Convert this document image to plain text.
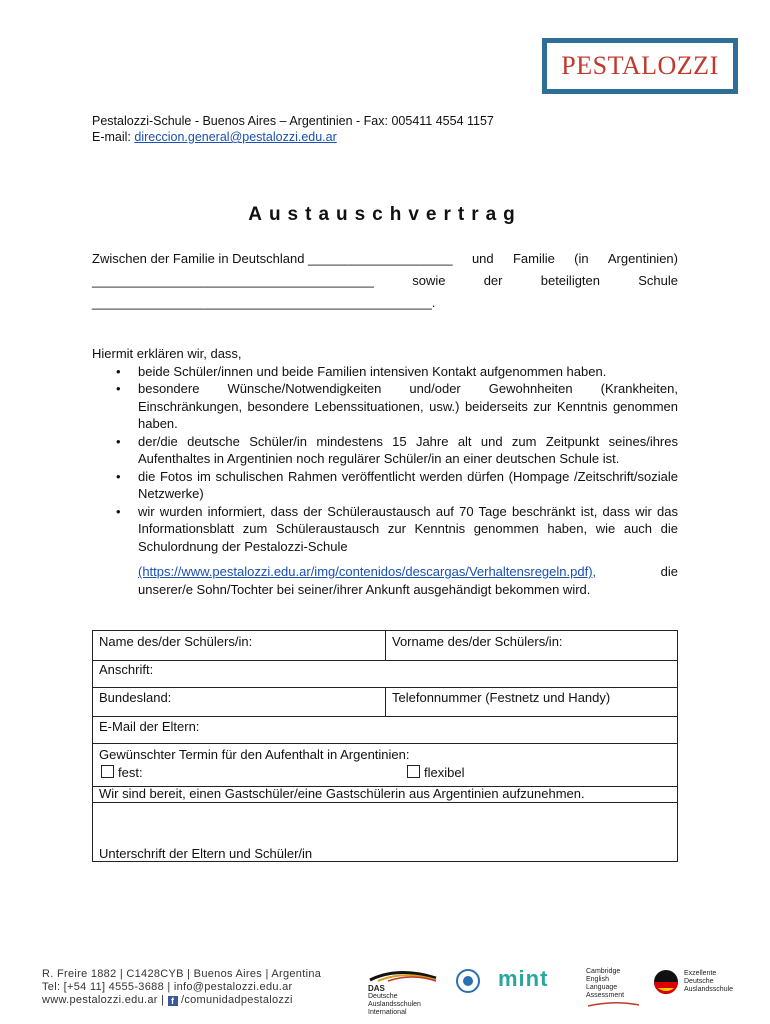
PESTALOZZI
Pestalozzi-Schule - Buenos Aires – Argentinien - Fax: 005411 4554 1157
E-mail: direccion.general@pestalozzi.edu.ar
Austauschvertrag
Zwischen der Familie in Deutschland ____________________ und Familie (in Argentinien)
_______________________________________	sowie	der	beteiligten	Schule
_______________________________________________.
Hiermit erklären wir, dass,
• beide Schüler/innen und beide Familien intensiven Kontakt aufgenommen haben.
• besondere Wünsche/Notwendigkeiten und/oder Gewohnheiten (Krankheiten, Einschränkungen, besondere Lebenssituationen, usw.) beiderseits zur Kenntnis genommen haben.
• der/die deutsche Schüler/in mindestens 15 Jahre alt und zum Zeitpunkt seines/ihres Aufenthaltes in Argentinien noch regulärer Schüler/in an einer deutschen Schule ist.
• die Fotos im schulischen Rahmen veröffentlicht werden dürfen (Hompage /Zeitschrift/soziale Netzwerke)
• wir wurden informiert, dass der Schüleraustausch auf 70 Tage beschränkt ist, dass wir das Informationsblatt zum Schüleraustausch zur Kenntnis genommen haben, wie auch die Schulordnung der Pestalozzi-Schule
(https://www.pestalozzi.edu.ar/img/contenidos/descargas/Verhaltensregeln.pdf),	die
unserer/e Sohn/Tochter bei seiner/ihrer Ankunft ausgehändigt bekommen wird.
Name des/der Schülers/in:	Vorname des/der Schülers/in:
Anschrift:
Bundesland:	Telefonnummer (Festnetz und Handy)
E-Mail der Eltern:
Gewünschter Termin für den Aufenthalt in Argentinien:
fest:	flexibel
Wir sind bereit, einen Gastschüler/eine Gastschülerin aus Argentinien aufzunehmen.
Unterschrift der Eltern und Schüler/in
R. Freire 1882 | C1428CYB | Buenos Aires | Argentina
Tel: [+54 11] 4555-3688 | info@pestalozzi.edu.ar
www.pestalozzi.edu.ar | f /comunidadpestalozzi
DAS
Deutsche Auslandsschulen International
mint	Cambridge English Language Assessment
Exzellente Deutsche Auslandsschule
